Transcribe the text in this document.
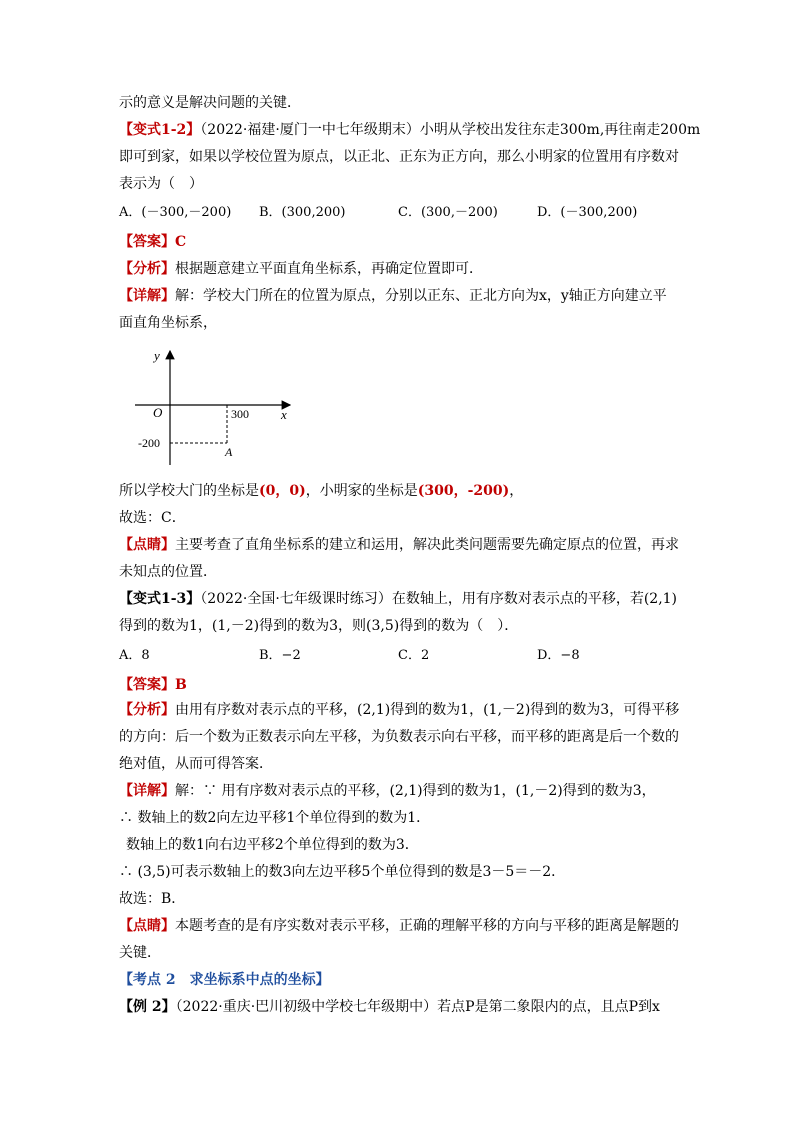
示的意义是解决问题的关键．
【变式1-2】（2022·福建·厦门一中七年级期末）小明从学校出发往东走300m,再往南走200m
即可到家，如果以学校位置为原点，以正北、正东为正方向，那么小明家的位置用有序数对
表示为（　）
A．(－300,－200) B．(300,200)	C．(300,－200)	D．(－300,200)
【答案】C
【分析】根据题意建立平面直角坐标系，再确定位置即可．
【详解】解：学校大门所在的位置为原点，分别以正东、正北方向为x，y轴正方向建立平
面直角坐标系，
y
x
O	300
-200
A
所以学校大门的坐标是(0，0)，小明家的坐标是(300，-200)，
故选：C．
【点睛】主要考查了直角坐标系的建立和运用，解决此类问题需要先确定原点的位置，再求
未知点的位置．
【变式1-3】（2022·全国·七年级课时练习）在数轴上，用有序数对表示点的平移，若(2,1)
得到的数为1，(1,－2)得到的数为3，则(3,5)得到的数为（　）．
A．8	B．−2	C．2	D．−8
【答案】B
【分析】由用有序数对表示点的平移，(2,1)得到的数为1，(1,－2)得到的数为3，可得平移
的方向：后一个数为正数表示向左平移，为负数表示向右平移，而平移的距离是后一个数的
绝对值，从而可得答案．
【详解】解：∵ 用有序数对表示点的平移，(2,1)得到的数为1，(1,－2)得到的数为3，
∴ 数轴上的数2向左边平移1个单位得到的数为1．
数轴上的数1向右边平移2个单位得到的数为3．
∴ (3,5)可表示数轴上的数3向左边平移5个单位得到的数是3－5＝－2．
故选：B．
【点睛】本题考查的是有序实数对表示平移，正确的理解平移的方向与平移的距离是解题的
关键．
【考点 2　求坐标系中点的坐标】
【例 2】（2022·重庆·巴川初级中学校七年级期中）若点P是第二象限内的点，且点P到x
